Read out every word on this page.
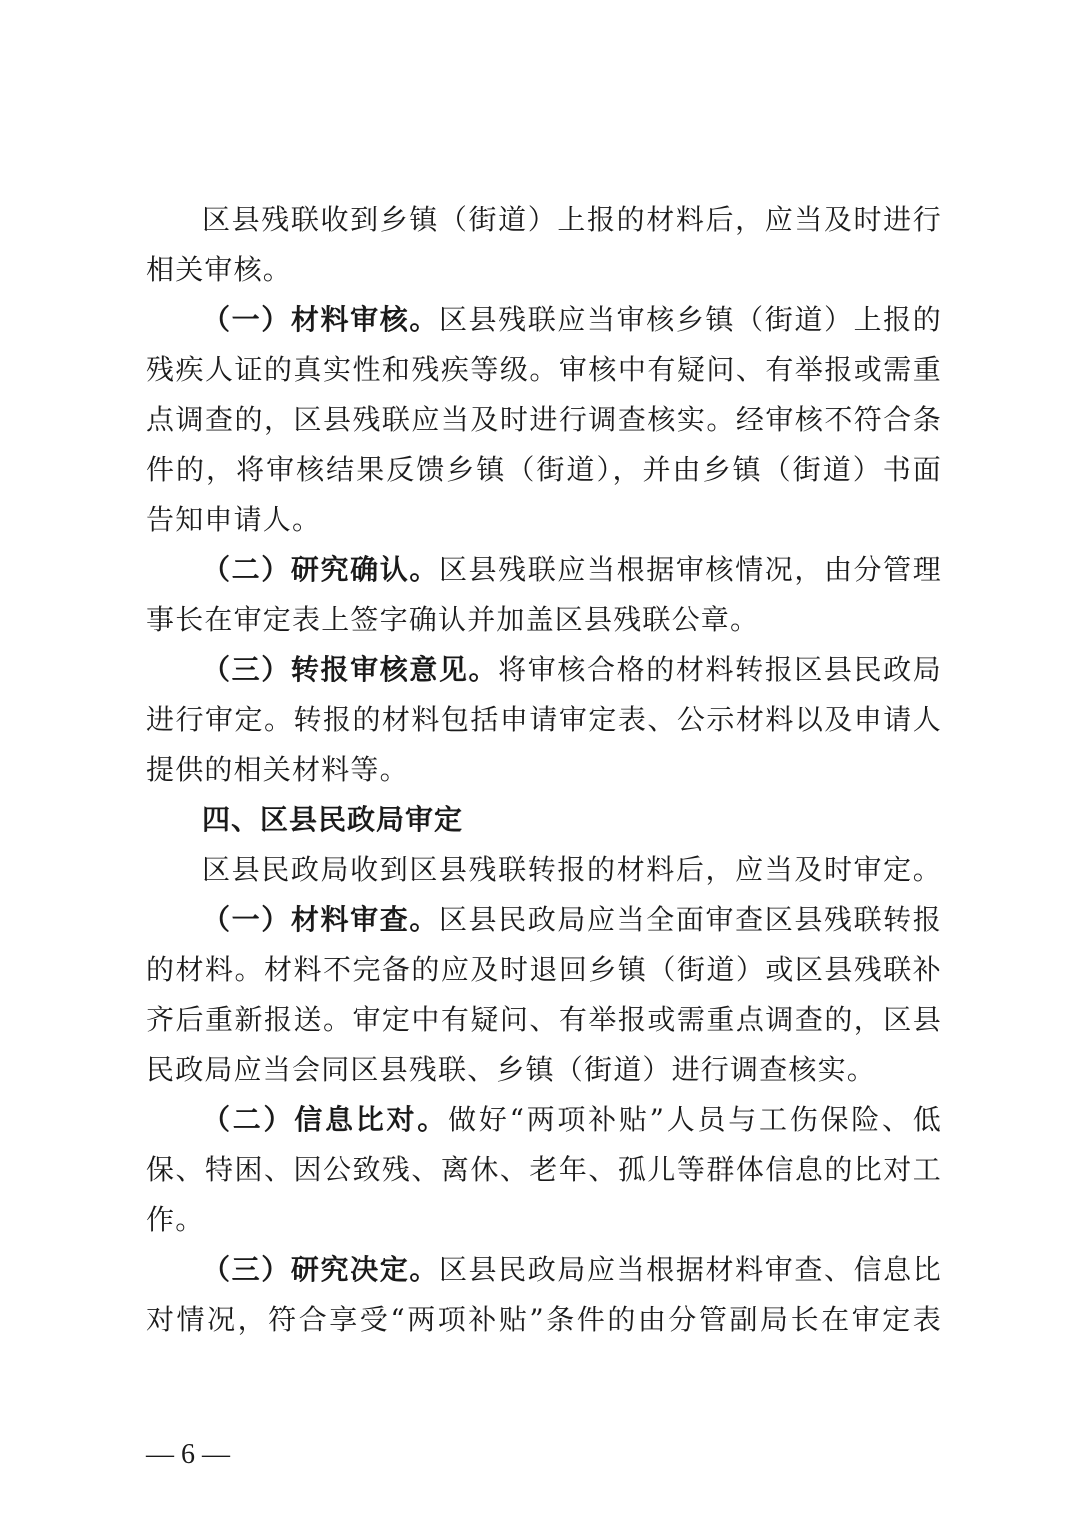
区县残联收到乡镇（街道）上报的材料后，应当及时进行
相关审核。
（一）材料审核。区县残联应当审核乡镇（街道）上报的
残疾人证的真实性和残疾等级。审核中有疑问、有举报或需重
点调查的，区县残联应当及时进行调查核实。经审核不符合条
件的，将审核结果反馈乡镇（街道），并由乡镇（街道）书面
告知申请人。
（二）研究确认。区县残联应当根据审核情况，由分管理
事长在审定表上签字确认并加盖区县残联公章。
（三）转报审核意见。将审核合格的材料转报区县民政局
进行审定。转报的材料包括申请审定表、公示材料以及申请人
提供的相关材料等。
四、区县民政局审定
区县民政局收到区县残联转报的材料后，应当及时审定。
（一）材料审查。区县民政局应当全面审查区县残联转报
的材料。材料不完备的应及时退回乡镇（街道）或区县残联补
齐后重新报送。审定中有疑问、有举报或需重点调查的，区县
民政局应当会同区县残联、乡镇（街道）进行调查核实。
（二）信息比对。做好“两项补贴”人员与工伤保险、低
保、特困、因公致残、离休、老年、孤儿等群体信息的比对工
作。
（三）研究决定。区县民政局应当根据材料审查、信息比
对情况，符合享受“两项补贴”条件的由分管副局长在审定表
— 6 —
